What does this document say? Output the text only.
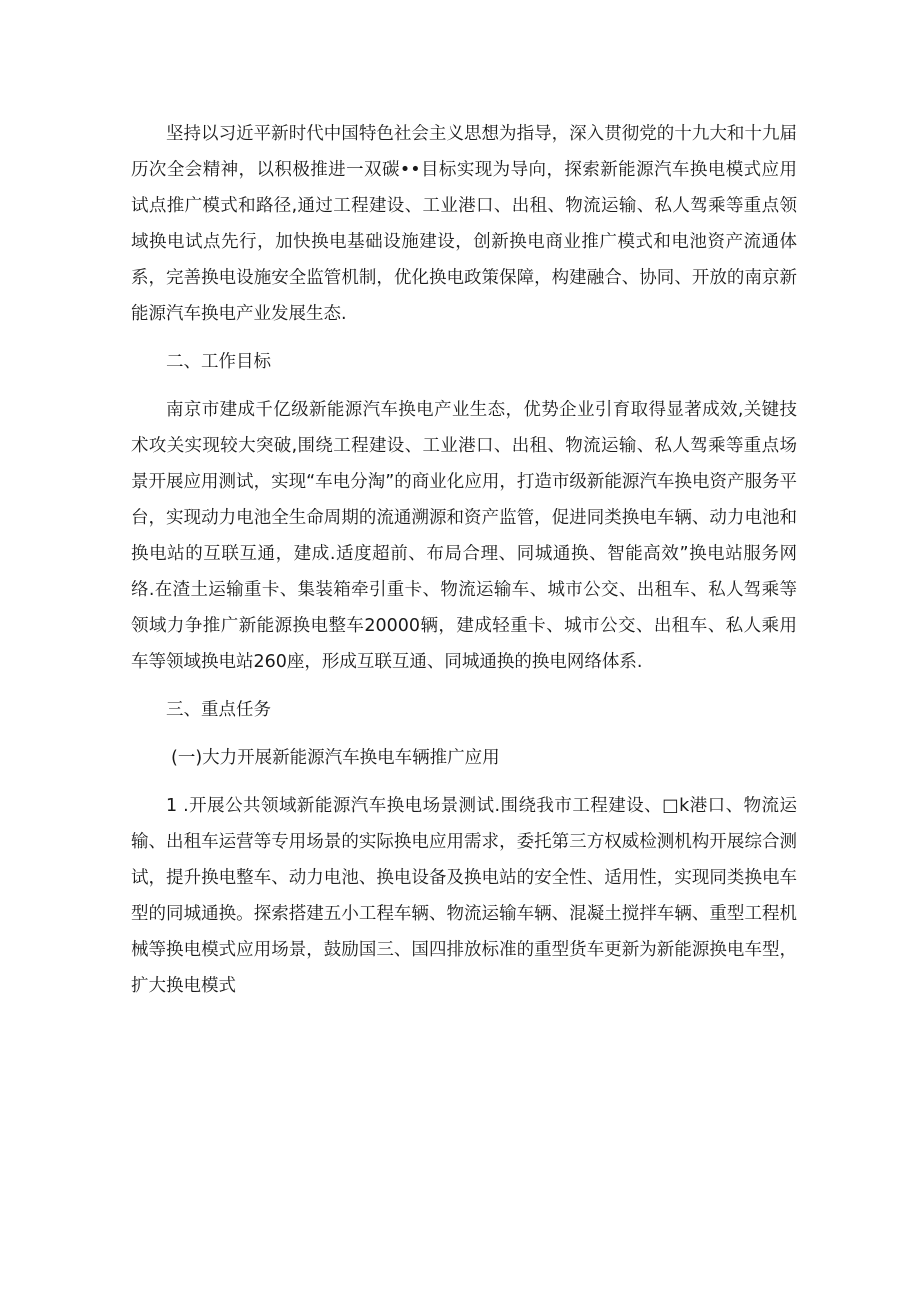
坚持以习近平新时代中国特色社会主义思想为指导，深入贯彻党的十九大和十九届历次全会精神，以积极推进一双碳••目标实现为导向，探索新能源汽车换电模式应用试点推广模式和路径,通过工程建设、工业港口、出租、物流运输、私人驾乘等重点领域换电试点先行，加快换电基础设施建设，创新换电商业推广模式和电池资产流通体系，完善换电设施安全监管机制，优化换电政策保障，构建融合、协同、开放的南京新能源汽车换电产业发展生态.

二、工作目标

南京市建成千亿级新能源汽车换电产业生态，优势企业引育取得显著成效,关键技术攻关实现较大突破,围绕工程建设、工业港口、出租、物流运输、私人驾乘等重点场景开展应用测试，实现“车电分淘”的商业化应用，打造市级新能源汽车换电资产服务平台，实现动力电池全生命周期的流通溯源和资产监管，促进同类换电车辆、动力电池和换电站的互联互通，建成.适度超前、布局合理、同城通换、智能高效”换电站服务网络.在渣土运输重卡、集装箱牵引重卡、物流运输车、城市公交、出租车、私人驾乘等领域力争推广新能源换电整车20000辆，建成轻重卡、城市公交、出租车、私人乘用车等领域换电站260座，形成互联互通、同城通换的换电网络体系.

三、重点任务

(一)大力开展新能源汽车换电车辆推广应用

1 .开展公共领域新能源汽车换电场景测试.围绕我市工程建设、□k港口、物流运输、出租车运营等专用场景的实际换电应用需求，委托第三方权威检测机构开展综合测试，提升换电整车、动力电池、换电设备及换电站的安全性、适用性，实现同类换电车型的同城通换。探索搭建五小工程车辆、物流运输车辆、混凝土搅拌车辆、重型工程机械等换电模式应用场景，鼓励国三、国四排放标准的重型货车更新为新能源换电车型，扩大换电模式
